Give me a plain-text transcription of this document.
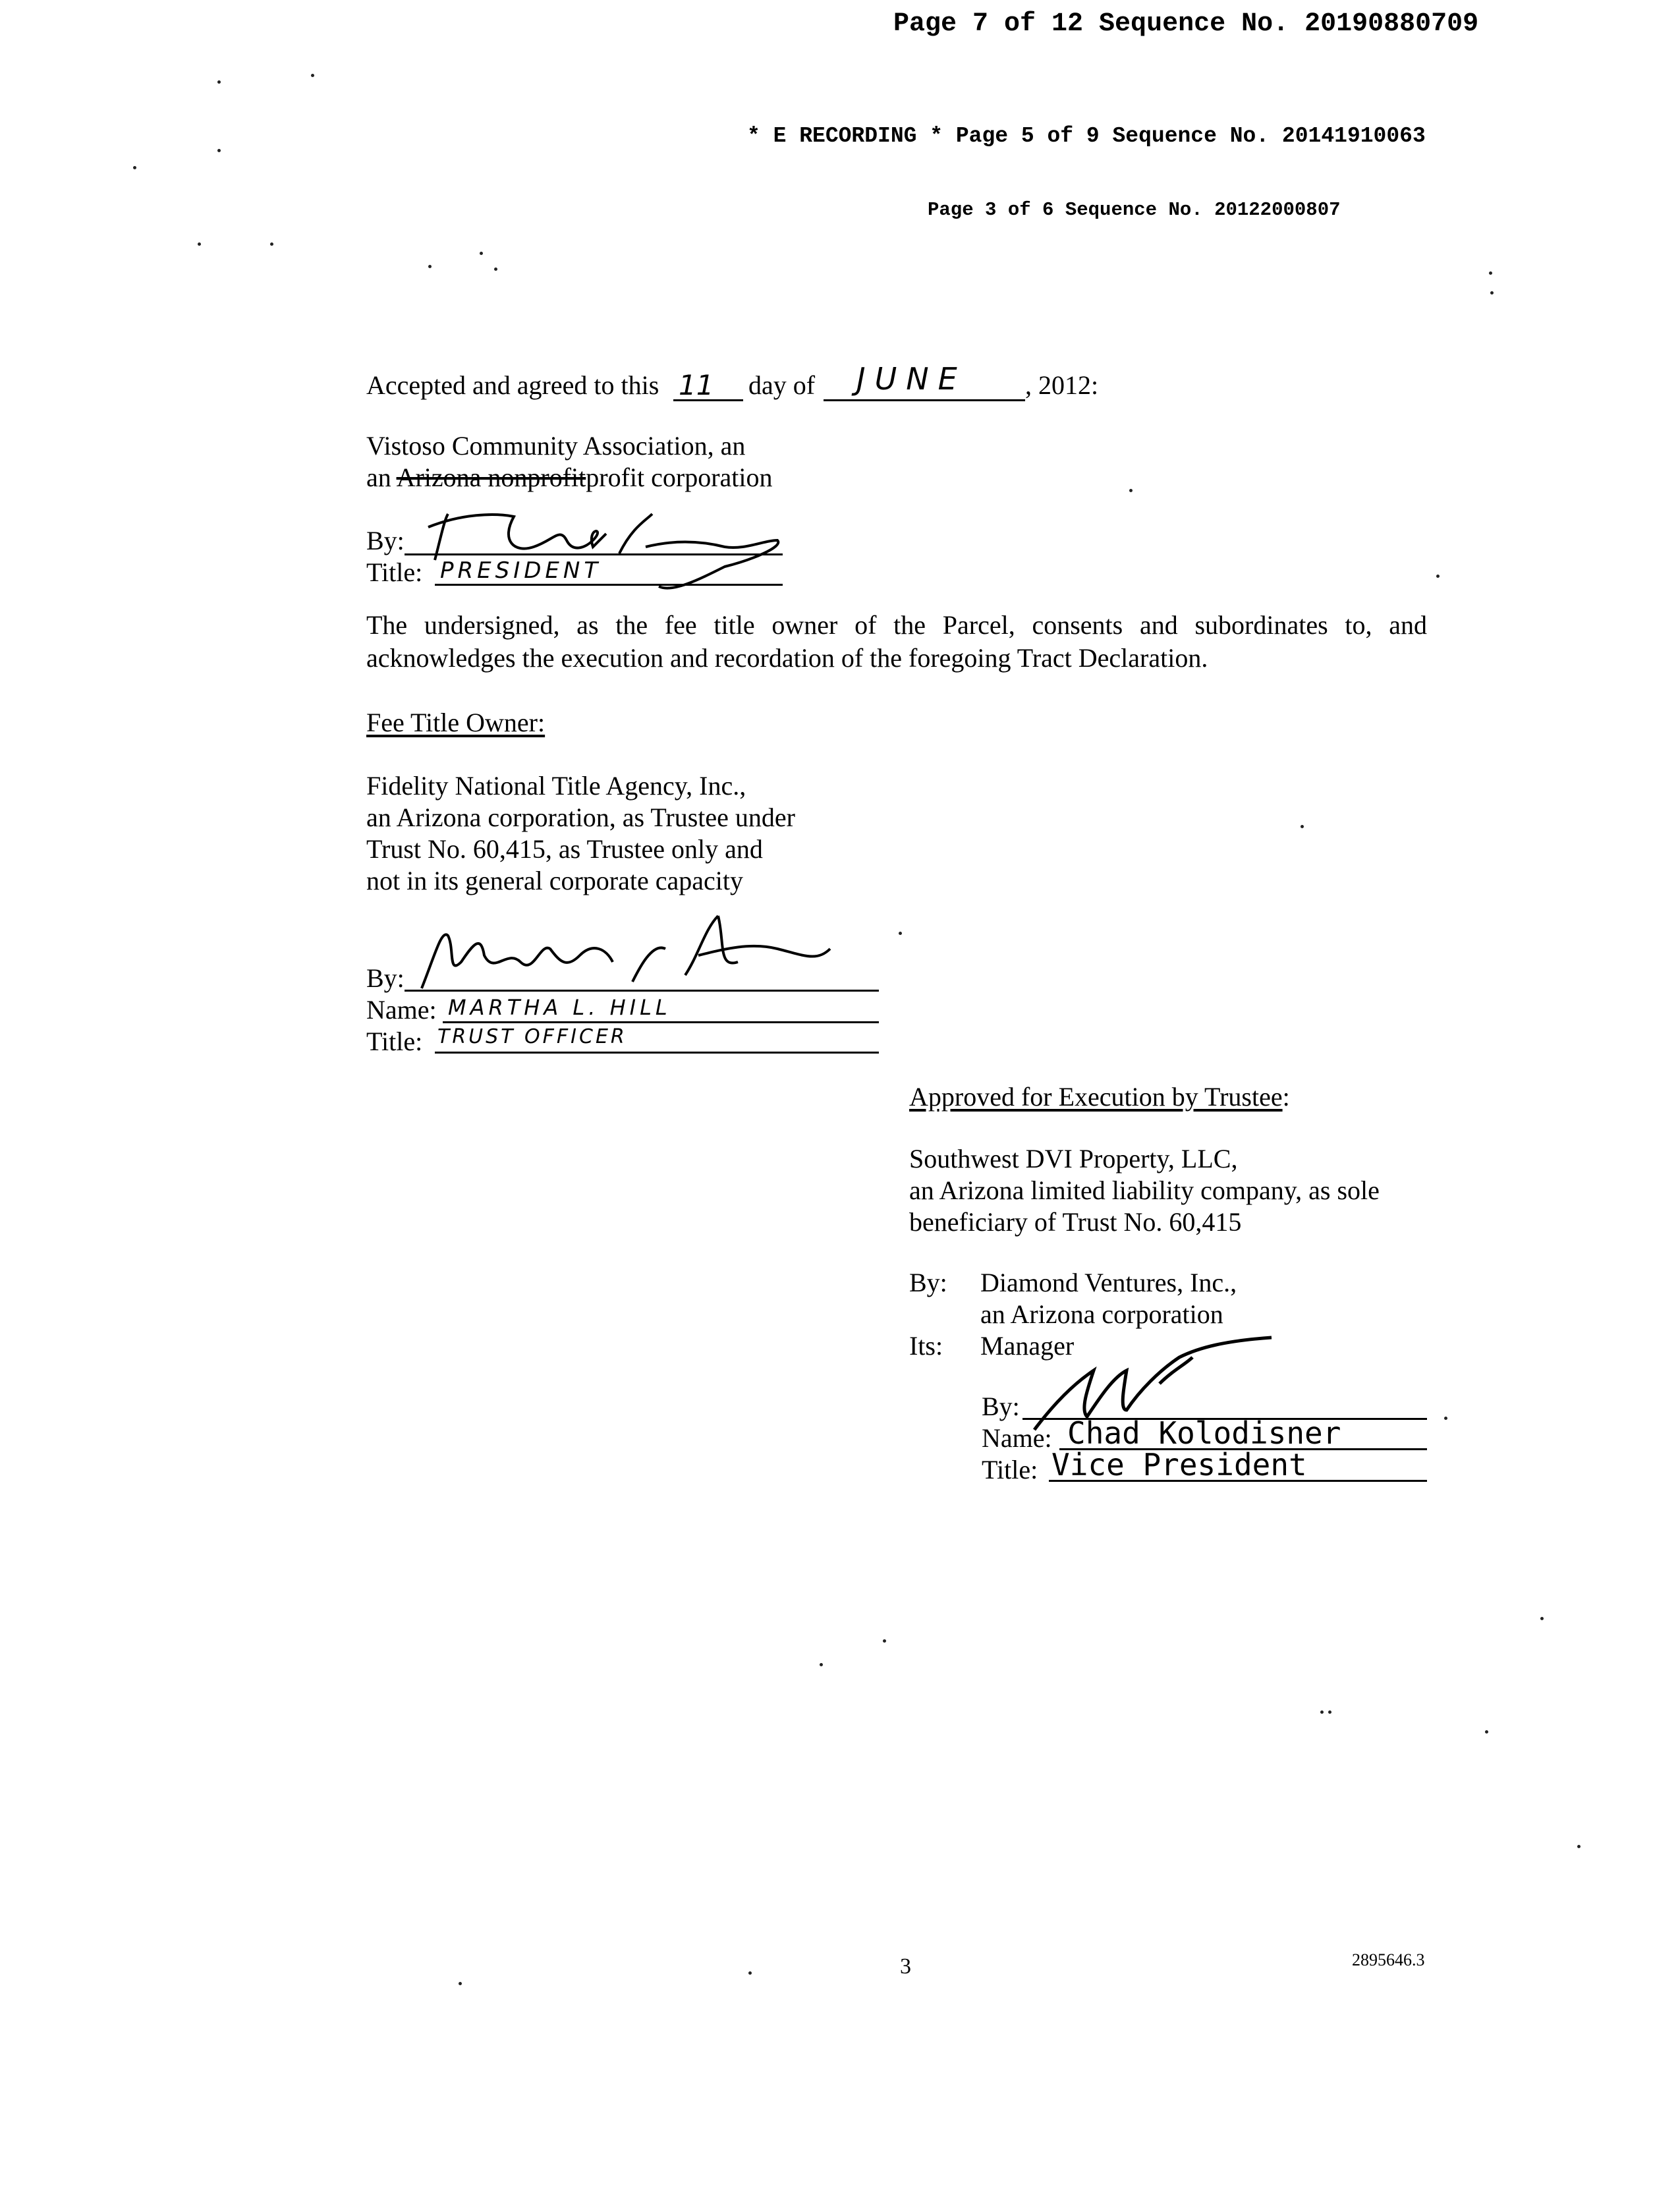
Page 7 of 12 Sequence No. 20190880709
* E RECORDING * Page 5 of 9 Sequence No. 20141910063
Page 3 of 6 Sequence No. 20122000807
Accepted and agreed to this 11 day of JUNE , 2012:
Vistoso Community Association, an
an Arizona nonprofitprofit corporation
By:
Title: PRESIDENT
The undersigned, as the fee title owner of the Parcel, consents and subordinates to, and
acknowledges the execution and recordation of the foregoing Tract Declaration.
Fee Title Owner:
Fidelity National Title Agency, Inc.,
an Arizona corporation, as Trustee under
Trust No. 60,415, as Trustee only and
not in its general corporate capacity
By:
Name: MARTHA L. HILL
Title: TRUST OFFICER
Approved for Execution by Trustee:
Southwest DVI Property, LLC,
an Arizona limited liability company, as sole
beneficiary of Trust No. 60,415
By: Diamond Ventures, Inc.,
an Arizona corporation
Its: Manager
By:
Name: Chad Kolodisner
Title: Vice President
3	2895646.3
